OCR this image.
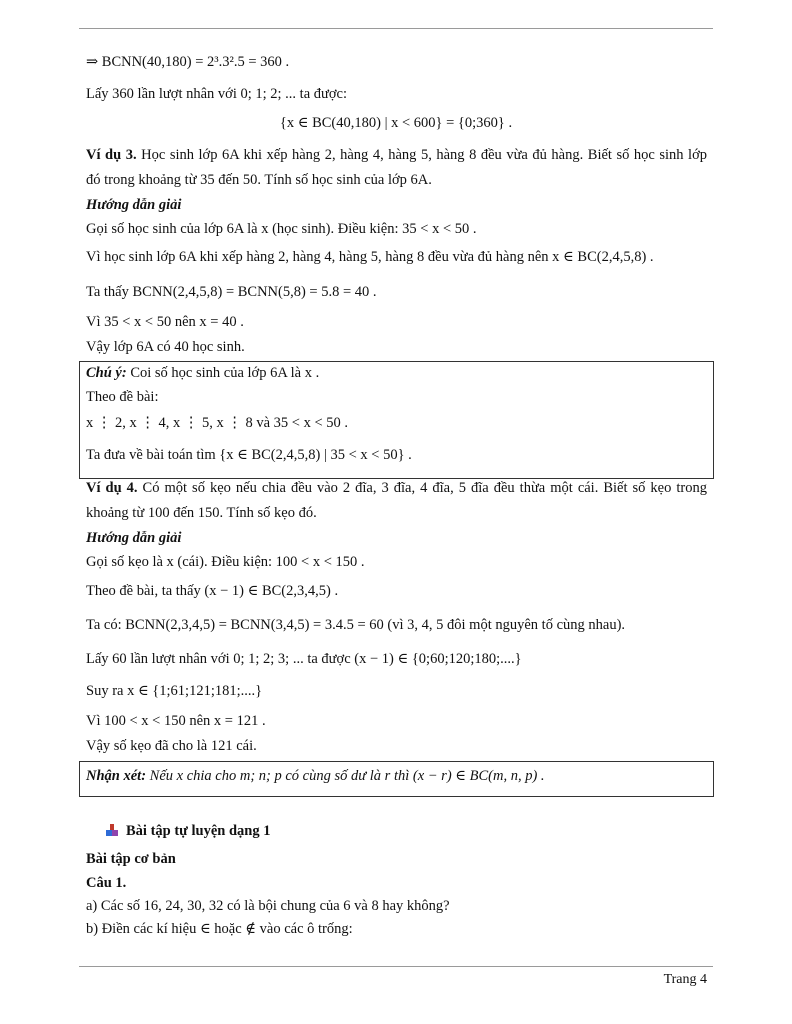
⇒ BCNN(40,180) = 2³.3².5 = 360 .
Lấy 360 lần lượt nhân với 0; 1; 2; ... ta được:
{x ∈ BC(40,180) | x < 600} = {0;360} .
Ví dụ 3. Học sinh lớp 6A khi xếp hàng 2, hàng 4, hàng 5, hàng 8 đều vừa đủ hàng. Biết số học sinh lớp
đó trong khoảng từ 35 đến 50. Tính số học sinh của lớp 6A.
Hướng dẫn giải
Gọi số học sinh của lớp 6A là x (học sinh). Điều kiện: 35 < x < 50 .
Vì học sinh lớp 6A khi xếp hàng 2, hàng 4, hàng 5, hàng 8 đều vừa đủ hàng nên x ∈ BC(2,4,5,8) .
Ta thấy BCNN(2,4,5,8) = BCNN(5,8) = 5.8 = 40 .
Vì 35 < x < 50 nên x = 40 .
Vậy lớp 6A có 40 học sinh.
Chú ý: Coi số học sinh của lớp 6A là x .
Theo đề bài:
x ⋮ 2, x ⋮ 4, x ⋮ 5, x ⋮ 8 và 35 < x < 50 .
Ta đưa về bài toán tìm {x ∈ BC(2,4,5,8) | 35 < x < 50} .
Ví dụ 4. Có một số kẹo nếu chia đều vào 2 đĩa, 3 đĩa, 4 đĩa, 5 đĩa đều thừa một cái. Biết số kẹo trong
khoảng từ 100 đến 150. Tính số kẹo đó.
Hướng dẫn giải
Gọi số kẹo là x (cái). Điều kiện: 100 < x < 150 .
Theo đề bài, ta thấy (x − 1) ∈ BC(2,3,4,5) .
Ta có: BCNN(2,3,4,5) = BCNN(3,4,5) = 3.4.5 = 60 (vì 3, 4, 5 đôi một nguyên tố cùng nhau).
Lấy 60 lần lượt nhân với 0; 1; 2; 3; ... ta được (x − 1) ∈ {0;60;120;180;....}
Suy ra x ∈ {1;61;121;181;....}
Vì 100 < x < 150 nên x = 121 .
Vậy số kẹo đã cho là 121 cái.
Nhận xét: Nếu x chia cho m; n; p có cùng số dư là r thì (x − r) ∈ BC(m, n, p) .
Bài tập tự luyện dạng 1
Bài tập cơ bản
Câu 1.
a) Các số 16, 24, 30, 32 có là bội chung của 6 và 8 hay không?
b) Điền các kí hiệu ∈ hoặc ∉ vào các ô trống:
Trang 4
